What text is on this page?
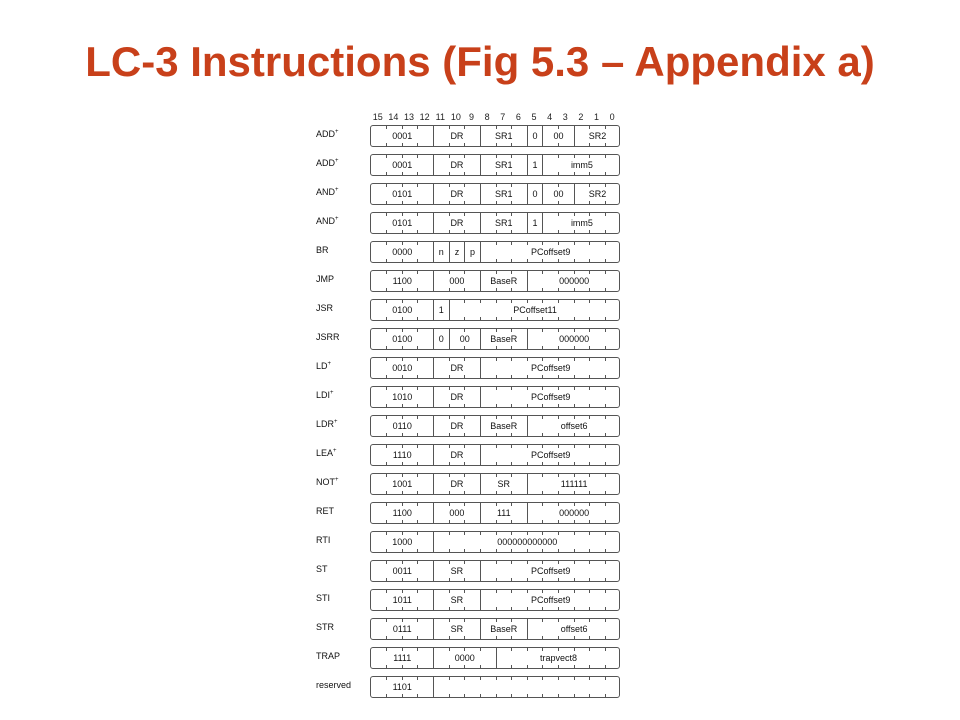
LC-3 Instructions (Fig 5.3 – Appendix a)
15 14 13 12 11 10 9	8	7	6	5	4	3	2	1	0
ADD+	0001	DR	SR1	0	00	SR2
ADD+	0001	DR	SR1	1	imm5
AND+	0101	DR	SR1	0	00	SR2
AND+	0101	DR	SR1	1	imm5
BR	0000	n	z	p	PCoffset9
JMP	1100	000	BaseR	000000
JSR	0100	1	PCoffset11
JSRR	0100	0	00	BaseR	000000
LD+	0010	DR	PCoffset9
LDI+	1010	DR	PCoffset9
LDR+	0110	DR	BaseR	offset6
LEA+	1110	DR	PCoffset9
NOT+	1001	DR	SR	111111
RET	1100	000	111	000000
RTI	1000	000000000000
ST	0011	SR	PCoffset9
STI	1011	SR	PCoffset9
STR	0111	SR	BaseR	offset6
TRAP	1111	0000	trapvect8
reserved	1101
